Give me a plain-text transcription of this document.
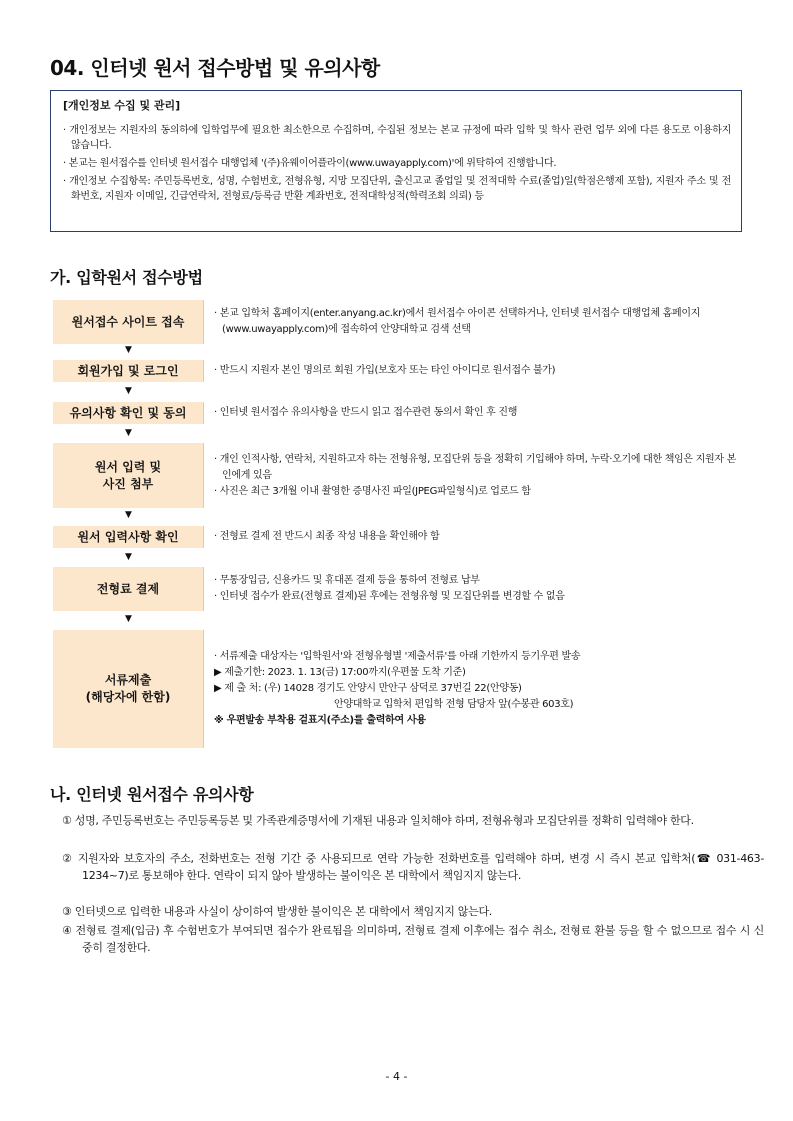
04. 인터넷 원서 접수방법 및 유의사항
[개인정보 수집 및 관리]
· 개인정보는 지원자의 동의하에 입학업무에 필요한 최소한으로 수집하며, 수집된 정보는 본교 규정에 따라 입학 및 학사 관련 업무 외에 다른 용도로 이용하지 않습니다.
· 본교는 원서접수를 인터넷 원서접수 대행업체 '(주)유웨이어플라이(www.uwayapply.com)'에 위탁하여 진행합니다.
· 개인정보 수집항목: 주민등록번호, 성명, 수험번호, 전형유형, 지망 모집단위, 출신고교 졸업일 및 전적대학 수료(졸업)일(학점은행제 포함), 지원자 주소 및 전화번호, 지원자 이메일, 긴급연락처, 전형료/등록금 반환 계좌번호, 전적대학성적(학력조회 의뢰) 등
가. 입학원서 접수방법
원서접수 사이트 접속
· 본교 입학처 홈페이지(enter.anyang.ac.kr)에서 원서접수 아이콘 선택하거나, 인터넷 원서접수 대행업체 홈페이지(www.uwayapply.com)에 접속하여 안양대학교 검색 선택
▼
회원가입 및 로그인	· 반드시 지원자 본인 명의로 회원 가입(보호자 또는 타인 아이디로 원서접수 불가)
▼
유의사항 확인 및 동의	· 인터넷 원서접수 유의사항을 반드시 읽고 접수관련 동의서 확인 후 진행
▼
원서 입력 및
사진 첨부
· 개인 인적사항, 연락처, 지원하고자 하는 전형유형, 모집단위 등을 정확히 기입해야 하며, 누락·오기에 대한 책임은 지원자 본인에게 있음
· 사진은 최근 3개월 이내 촬영한 증명사진 파일(JPEG파일형식)로 업로드 함
▼
원서 입력사항 확인	· 전형료 결제 전 반드시 최종 작성 내용을 확인해야 함
▼
전형료 결제
· 무통장입금, 신용카드 및 휴대폰 결제 등을 통하여 전형료 납부
· 인터넷 접수가 완료(전형료 결제)된 후에는 전형유형 및 모집단위를 변경할 수 없음
▼
서류제출
(해당자에 한함)
· 서류제출 대상자는 '입학원서'와 전형유형별 '제출서류'를 아래 기한까지 등기우편 발송
▶ 제출기한: 2023. 1. 13(금) 17:00까지(우편물 도착 기준)
▶ 제 출 처: (우) 14028 경기도 안양시 만안구 삼덕로 37번길 22(안양동)
안양대학교 입학처 편입학 전형 담당자 앞(수봉관 603호)
※ 우편발송 부착용 겉표지(주소)를 출력하여 사용
나. 인터넷 원서접수 유의사항
① 성명, 주민등록번호는 주민등록등본 및 가족관계증명서에 기재된 내용과 일치해야 하며, 전형유형과 모집단위를 정확히 입력해야 한다.
② 지원자와 보호자의 주소, 전화번호는 전형 기간 중 사용되므로 연락 가능한 전화번호를 입력해야 하며, 변경 시 즉시 본교 입학처(☎ 031-463-1234~7)로 통보해야 한다. 연락이 되지 않아 발생하는 불이익은 본 대학에서 책임지지 않는다.
③ 인터넷으로 입력한 내용과 사실이 상이하여 발생한 불이익은 본 대학에서 책임지지 않는다.
④ 전형료 결제(입금) 후 수험번호가 부여되면 접수가 완료됨을 의미하며, 전형료 결제 이후에는 접수 취소, 전형료 환불 등을 할 수 없으므로 접수 시 신중히 결정한다.
- 4 -
